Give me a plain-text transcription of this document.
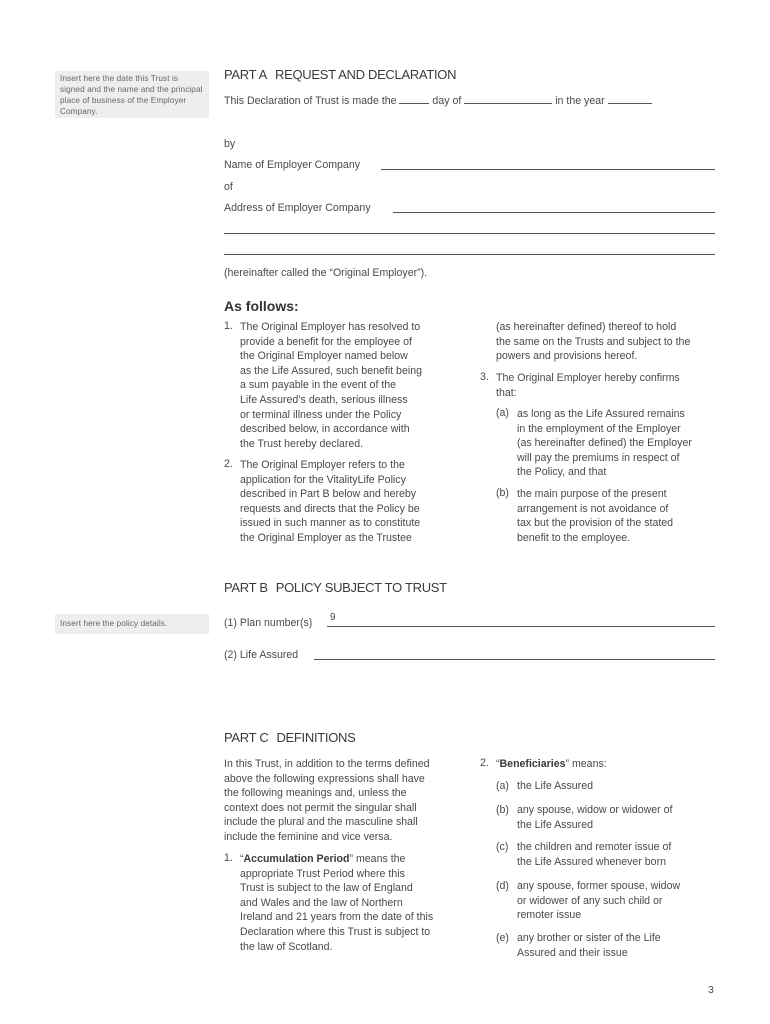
Insert here the date this Trust is signed and the name and the principal place of business of the Employer Company.
Insert here the policy details.
PART A REQUEST AND DECLARATION
This Declaration of Trust is made the	day of	in the year
by
Name of Employer Company
of
Address of Employer Company
(hereinafter called the “Original Employer”).
As follows:
1. The Original Employer has resolved to
provide a benefit for the employee of
the Original Employer named below
as the Life Assured, such benefit being
a sum payable in the event of the
Life Assured’s death, serious illness
or terminal illness under the Policy
described below, in accordance with
the Trust hereby declared.
2. The Original Employer refers to the
application for the VitalityLife Policy
described in Part B below and hereby
requests and directs that the Policy be
issued in such manner as to constitute
the Original Employer as the Trustee
(as hereinafter defined) thereof to hold
the same on the Trusts and subject to the
powers and provisions hereof.
3. The Original Employer hereby confirms
that:
(a) as long as the Life Assured remains
in the employment of the Employer
(as hereinafter defined) the Employer
will pay the premiums in respect of
the Policy, and that
(b) the main purpose of the present
arrangement is not avoidance of
tax but the provision of the stated
benefit to the employee.
PART B POLICY SUBJECT TO TRUST
(1) Plan number(s) 9
(2) Life Assured
PART C DEFINITIONS
In this Trust, in addition to the terms defined
above the following expressions shall have
the following meanings and, unless the
context does not permit the singular shall
include the plural and the masculine shall
include the feminine and vice versa.
1. “Accumulation Period” means the
appropriate Trust Period where this
Trust is subject to the law of England
and Wales and the law of Northern
Ireland and 21 years from the date of this
Declaration where this Trust is subject to
the law of Scotland.
2. “Beneficiaries” means:
(a) the Life Assured
(b) any spouse, widow or widower of
the Life Assured
(c) the children and remoter issue of
the Life Assured whenever born
(d) any spouse, former spouse, widow
or widower of any such child or
remoter issue
(e) any brother or sister of the Life
Assured and their issue
3
